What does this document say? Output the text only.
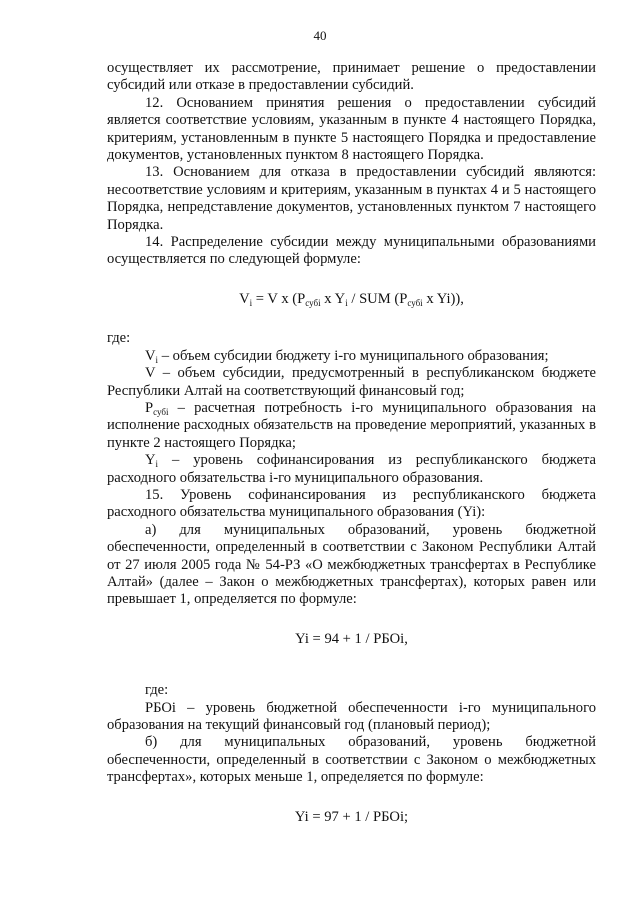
40

осуществляет их рассмотрение, принимает решение о предоставлении субсидий или отказе в предоставлении субсидий.

12. Основанием принятия решения о предоставлении субсидий является соответствие условиям, указанным в пункте 4 настоящего Порядка, критериям, установленным в пункте 5 настоящего Порядка и предоставление документов, установленных пунктом 8 настоящего Порядка.

13. Основанием для отказа в предоставлении субсидий являются: несоответствие условиям и критериям, указанным в пунктах 4 и 5 настоящего Порядка, непредставление документов, установленных пунктом 7 настоящего Порядка.

14. Распределение субсидии между муниципальными образованиями осуществляется по следующей формуле:

$V_i = V$ x ($P_{субi}$ x $Y_i$ / SUM ($P_{субi}$ x Yi)),

где:

$V_i$ – объем субсидии бюджету i-го муниципального образования;

V – объем субсидии, предусмотренный в республиканском бюджете Республики Алтай на соответствующий финансовый год;

$P_{субi}$ – расчетная потребность i-го муниципального образования на исполнение расходных обязательств на проведение мероприятий, указанных в пункте 2 настоящего Порядка;

$Y_i$ – уровень софинансирования из республиканского бюджета расходного обязательства i-го муниципального образования.

15. Уровень софинансирования из республиканского бюджета расходного обязательства муниципального образования (Yi):

а) для муниципальных образований, уровень бюджетной обеспеченности, определенный в соответствии с Законом Республики Алтай от 27 июля 2005 года № 54-РЗ «О межбюджетных трансфертах в Республике Алтай» (далее – Закон о межбюджетных трансфертах), которых равен или превышает 1, определяется по формуле:

Yi = 94 + 1 / РБОi,

где:

РБОi – уровень бюджетной обеспеченности i-го муниципального образования на текущий финансовый год (плановый период);

б) для муниципальных образований, уровень бюджетной обеспеченности, определенный в соответствии с Законом о межбюджетных трансфертах», которых меньше 1, определяется по формуле:

Yi = 97 + 1 / РБОi;
